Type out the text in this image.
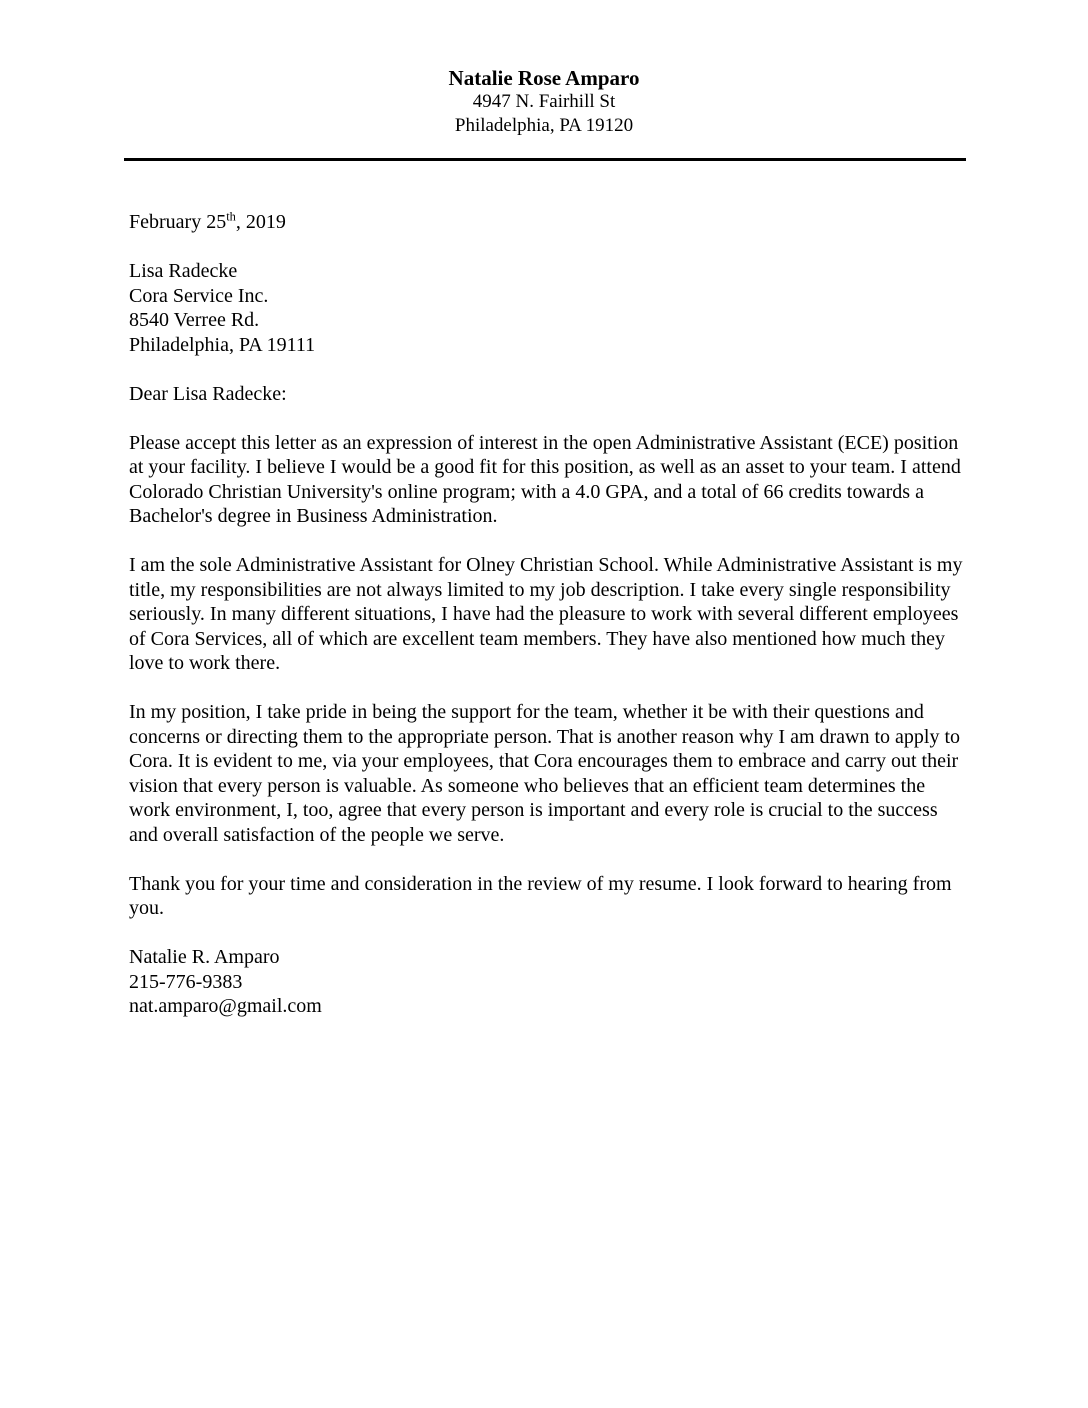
Natalie Rose Amparo
4947 N. Fairhill St
Philadelphia, PA 19120

February 25th, 2019

Lisa Radecke
Cora Service Inc.
8540 Verree Rd.
Philadelphia, PA 19111

Dear Lisa Radecke:

Please accept this letter as an expression of interest in the open Administrative Assistant (ECE) position at your facility. I believe I would be a good fit for this position, as well as an asset to your team. I attend Colorado Christian University's online program; with a 4.0 GPA, and a total of 66 credits towards a Bachelor's degree in Business Administration.

I am the sole Administrative Assistant for Olney Christian School. While Administrative Assistant is my title, my responsibilities are not always limited to my job description. I take every single responsibility seriously. In many different situations, I have had the pleasure to work with several different employees of Cora Services, all of which are excellent team members. They have also mentioned how much they love to work there.

In my position, I take pride in being the support for the team, whether it be with their questions and concerns or directing them to the appropriate person. That is another reason why I am drawn to apply to Cora. It is evident to me, via your employees, that Cora encourages them to embrace and carry out their vision that every person is valuable. As someone who believes that an efficient team determines the work environment, I, too, agree that every person is important and every role is crucial to the success and overall satisfaction of the people we serve.

Thank you for your time and consideration in the review of my resume. I look forward to hearing from you.

Natalie R. Amparo
215-776-9383
nat.amparo@gmail.com
